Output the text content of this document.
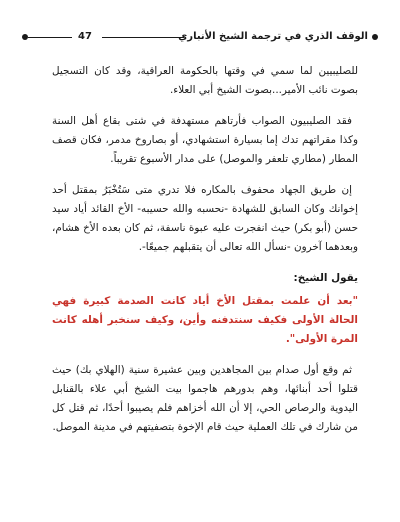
47	الوقف الذري في ترجمة الشيخ الأنباري

للصليبيين لما سمي في وقتها بالحكومة العراقية، وقد كان التسجيل بصوت نائب الأمير...بصوت الشيخ أبي العلاء.

فقد الصليبيون الصواب فأرتاهم مستهدفة في شتى بقاع أهل السنة وكذا مقراتهم تدك إما بسيارة استشهادي، أو بصاروخ مدمر، فكان قصف المطار (مطاري تلعفر والموصل) على مدار الأسبوع تقريباً.

إن طريق الجهاد محفوف بالمكاره فلا تدري متى سَتُخْبَرُ بمقتل أحد إخوانك وكان السابق للشهادة -نحسبه والله حسيبه- الأخ القائد أياد سيد حسن (أبو بكر) حيث انفجرت عليه عبوة ناسفة، ثم كان بعده الأخ هشام، وبعدهما آخرون -نسأل الله تعالى أن يتقبلهم جميعًا-.

يقول الشيخ:
"بعد أن علمت بمقتل الأخ أياد كانت الصدمة كبيرة فهي الحالة الأولى فكيف سنتدفنه وأين، وكيف سنخبر أهله كانت المرة الأولى".

ثم وقع أول صدام بين المجاهدين وبين عشيرة سنية (الهلاي بك) حيث قتلوا أحد أبنائها، وهم بدورهم هاجموا بيت الشيخ أبي علاء بالقنابل اليدوية والرصاص الحي، إلا أن الله أخزاهم فلم يصيبوا أحدًا، ثم قتل كل من شارك في تلك العملية حيث قام الإخوة بتصفيتهم في مدينة الموصل.
